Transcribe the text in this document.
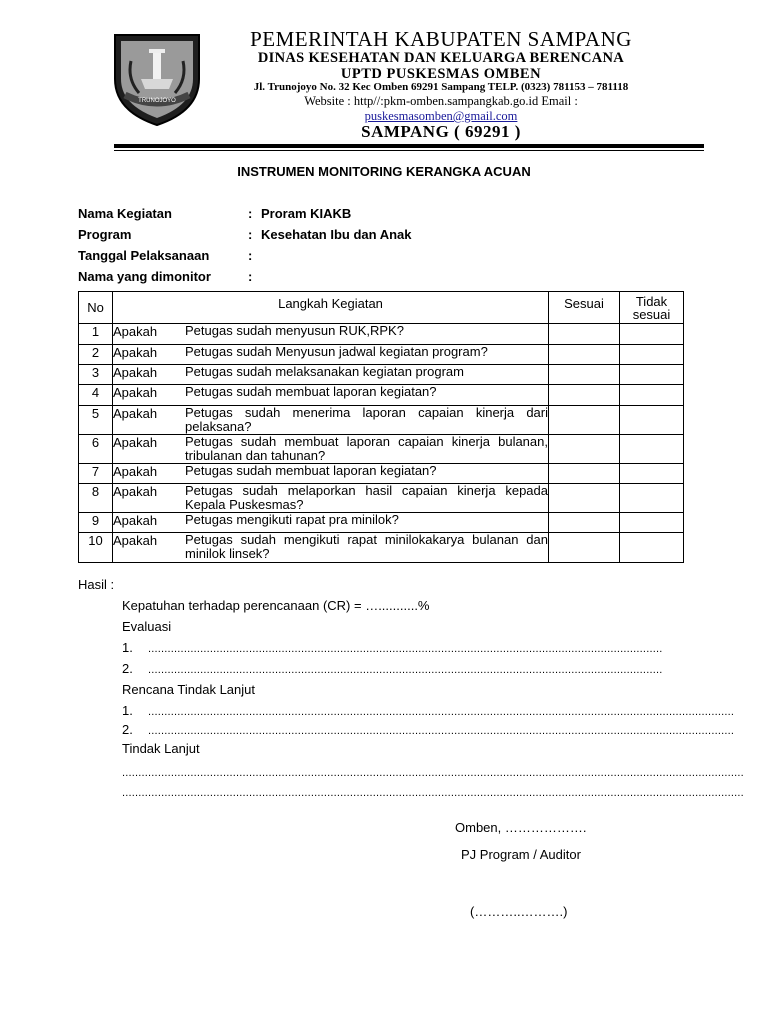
TRUNOJOYO
PEMERINTAH KABUPATEN SAMPANG
DINAS KESEHATAN DAN KELUARGA BERENCANA
UPTD PUSKESMAS OMBEN
Jl. Trunojoyo No. 32 Kec Omben 69291 Sampang TELP. (0323) 781153 – 781118
Website : http//:pkm-omben.sampangkab.go.id Email :
puskesmasomben@gmail.com
SAMPANG ( 69291 )
INSTRUMEN MONITORING KERANGKA ACUAN
Nama Kegiatan	: Proram KIAKB
Program	: Kesehatan Ibu dan Anak
Tanggal Pelaksanaan	:
Nama yang dimonitor	:
No	Langkah Kegiatan	Sesuai	Tidak sesuai
1	Apakah Petugas sudah menyusun RUK,RPK?		

2	Apakah Petugas sudah Menyusun jadwal kegiatan program?		

3	Apakah Petugas sudah melaksanakan kegiatan program		

4	Apakah Petugas sudah membuat laporan kegiatan?		

5	Apakah Petugas sudah menerima laporan capaian kinerja dari pelaksana?		

6	Apakah Petugas sudah membuat laporan capaian kinerja bulanan, tribulanan dan tahunan?		

7	Apakah Petugas sudah membuat laporan kegiatan?		

8	Apakah Petugas sudah melaporkan hasil capaian kinerja kepada Kepala Puskesmas?		

9	Apakah Petugas mengikuti rapat pra minilok?		

10	Apakah Petugas sudah mengikuti rapat minilokakarya bulanan dan minilok linsek?		

Hasil :
Kepatuhan terhadap perencanaan (CR) = …...........%
Evaluasi
1. ..............................................................................................................................................................
2. ..............................................................................................................................................................
Rencana Tindak Lanjut
1. ....................................................................................................................................................................................
2. ....................................................................................................................................................................................
Tindak Lanjut
...............................................................................................................................................................................................
...............................................................................................................................................................................................
Omben, ……………….
PJ Program / Auditor
(………..……….)
